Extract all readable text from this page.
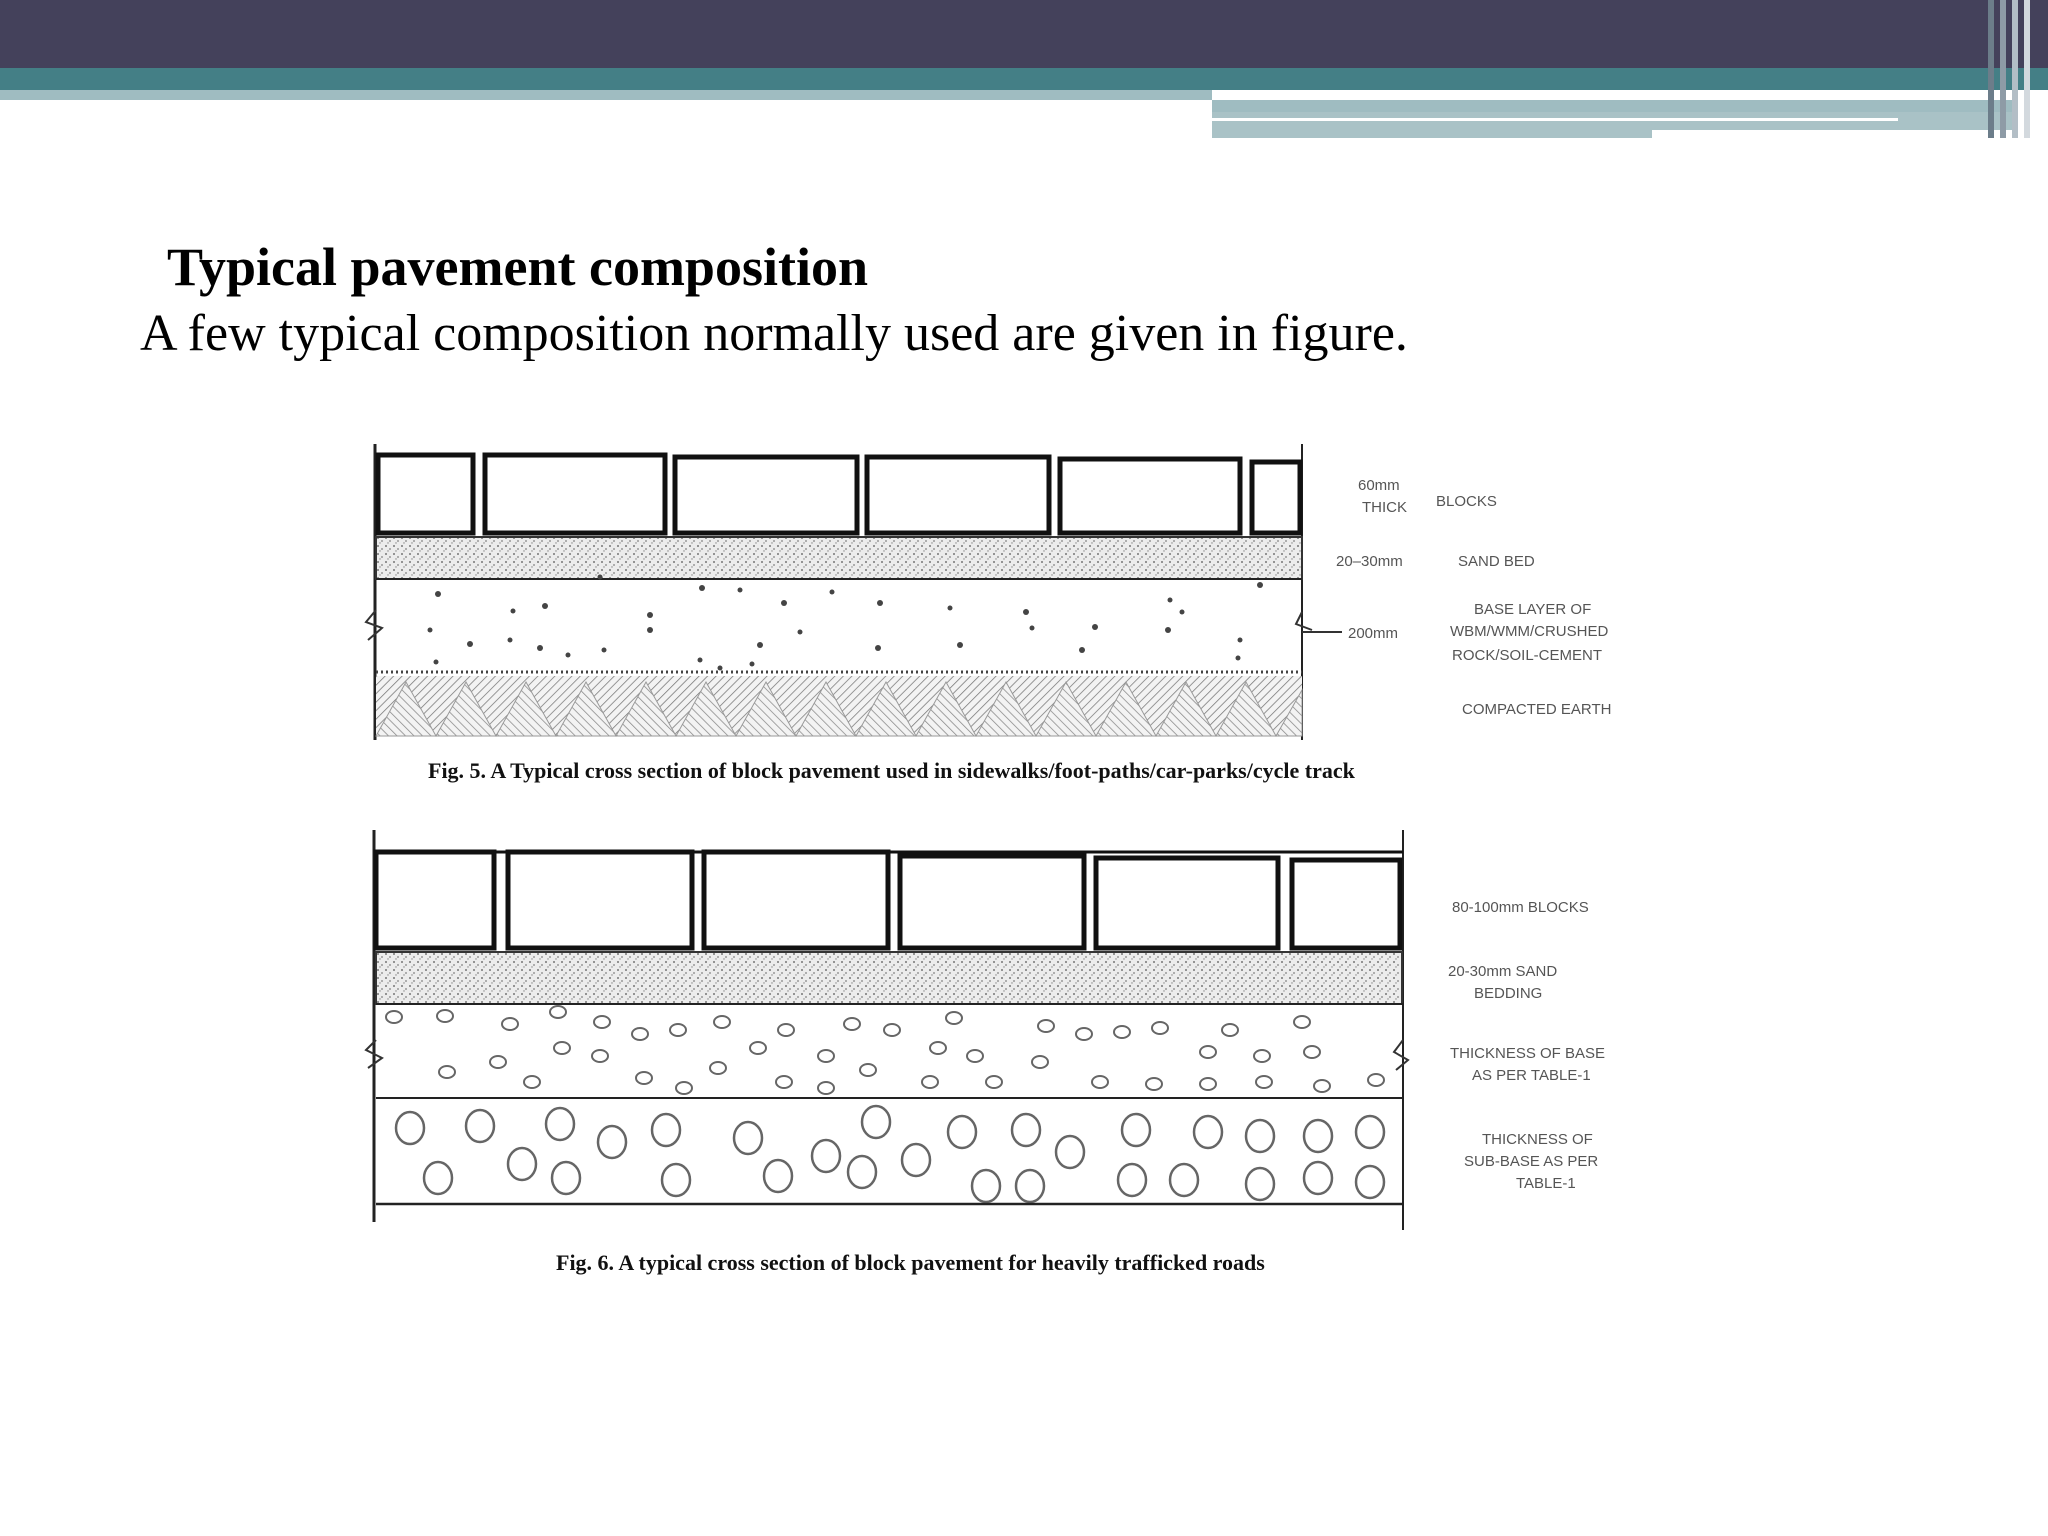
Typical pavement composition
A few typical composition normally used are given in figure.
60mm
THICK BLOCKS
20–30mm	SAND BED
200mm
BASE LAYER OF
WBM/WMM/CRUSHED
ROCK/SOIL-CEMENT
COMPACTED EARTH
Fig. 5. A Typical cross section of block pavement used in sidewalks/foot-paths/car-parks/cycle track
80-100mm BLOCKS
20-30mm SAND
BEDDING
THICKNESS OF BASE
AS PER TABLE-1
THICKNESS OF
SUB-BASE AS PER
TABLE-1
Fig. 6. A typical cross section of block pavement for heavily trafficked roads
